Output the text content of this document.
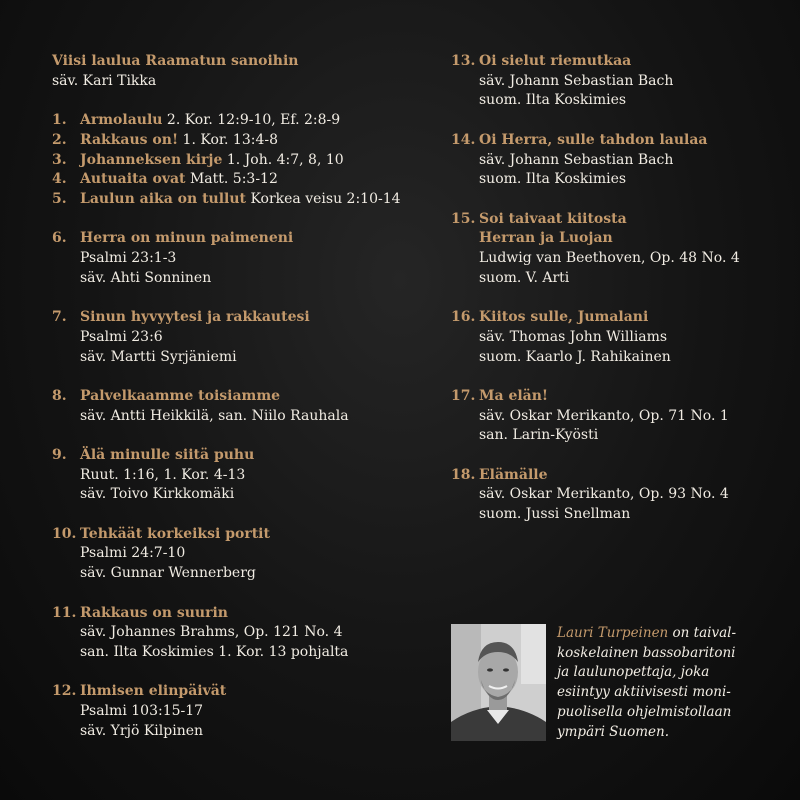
Viisi laulua Raamatun sanoihin
säv. Kari Tikka
1. Armolaulu 2. Kor. 12:9-10, Ef. 2:8-9
2. Rakkaus on! 1. Kor. 13:4-8
3. Johanneksen kirje 1. Joh. 4:7, 8, 10
4. Autuaita ovat Matt. 5:3-12
5. Laulun aika on tullut Korkea veisu 2:10-14
6. Herra on minun paimeneni
Psalmi 23:1-3
säv. Ahti Sonninen
7. Sinun hyvyytesi ja rakkautesi
Psalmi 23:6
säv. Martti Syrjäniemi
8. Palvelkaamme toisiamme
säv. Antti Heikkilä, san. Niilo Rauhala
9. Älä minulle siitä puhu
Ruut. 1:16, 1. Kor. 4-13
säv. Toivo Kirkkomäki
10. Tehkäät korkeiksi portit
Psalmi 24:7-10
säv. Gunnar Wennerberg
11. Rakkaus on suurin
säv. Johannes Brahms, Op. 121 No. 4
san. Ilta Koskimies 1. Kor. 13 pohjalta
12. Ihmisen elinpäivät
Psalmi 103:15-17
säv. Yrjö Kilpinen
13. Oi sielut riemutkaa
säv. Johann Sebastian Bach
suom. Ilta Koskimies
14. Oi Herra, sulle tahdon laulaa
säv. Johann Sebastian Bach
suom. Ilta Koskimies
15. Soi taivaat kiitosta
Herran ja Luojan
Ludwig van Beethoven, Op. 48 No. 4
suom. V. Arti
16. Kiitos sulle, Jumalani
säv. Thomas John Williams
suom. Kaarlo J. Rahikainen
17. Ma elän!
säv. Oskar Merikanto, Op. 71 No. 1
san. Larin-Kyösti
18. Elämälle
säv. Oskar Merikanto, Op. 93 No. 4
suom. Jussi Snellman
Lauri Turpeinen on taival-
koskelainen bassobaritoni
ja laulunopettaja, joka
esiintyy aktiivisesti moni-
puolisella ohjelmistollaan
ympäri Suomen.
